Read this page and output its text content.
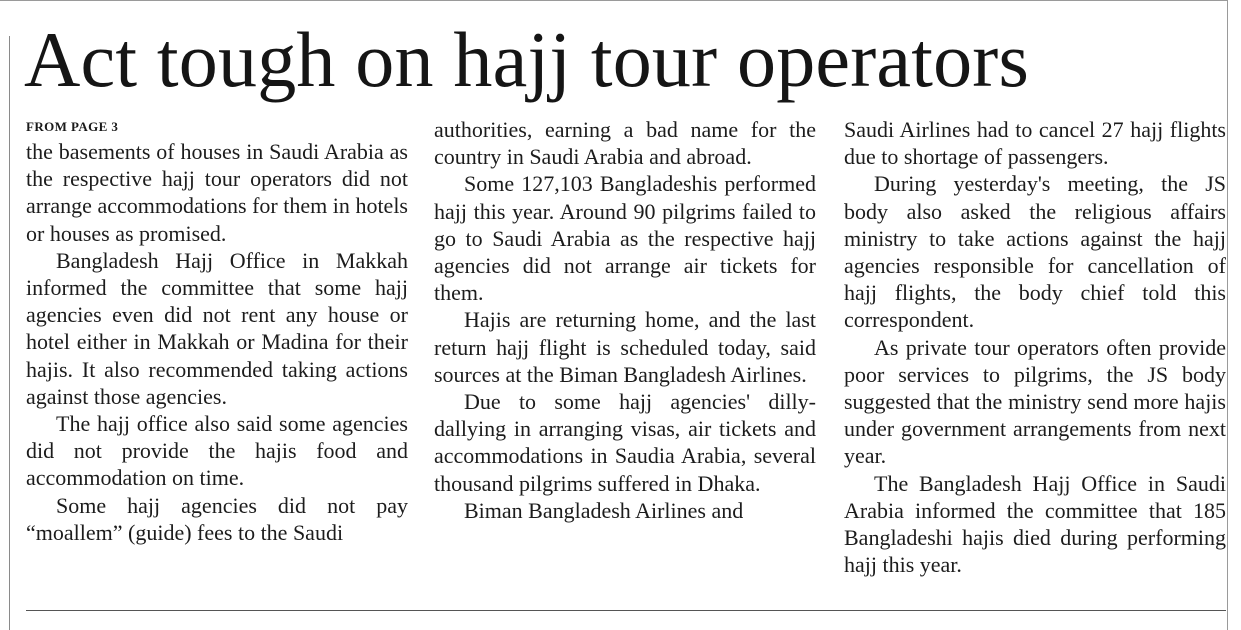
Act tough on hajj tour operators
FROM PAGE 3

the basements of houses in Saudi Arabia as the respective hajj tour operators did not arrange accommodations for them in hotels or houses as promised.

Bangladesh Hajj Office in Makkah informed the committee that some hajj agencies even did not rent any house or hotel either in Makkah or Madina for their hajis. It also recommended taking actions against those agencies.

The hajj office also said some agencies did not provide the hajis food and accommodation on time.

Some hajj agencies did not pay “moallem” (guide) fees to the Saudi

authorities, earning a bad name for the country in Saudi Arabia and abroad.

Some 127,103 Bangladeshis performed hajj this year. Around 90 pilgrims failed to go to Saudi Arabia as the respective hajj agencies did not arrange air tickets for them.

Hajis are returning home, and the last return hajj flight is scheduled today, said sources at the Biman Bangladesh Airlines.

Due to some hajj agencies' dilly-dallying in arranging visas, air tickets and accommodations in Saudia Arabia, several thousand pilgrims suffered in Dhaka.

Biman Bangladesh Airlines and

Saudi Airlines had to cancel 27 hajj flights due to shortage of passengers.

During yesterday's meeting, the JS body also asked the religious affairs ministry to take actions against the hajj agencies responsible for cancellation of hajj flights, the body chief told this correspondent.

As private tour operators often provide poor services to pilgrims, the JS body suggested that the ministry send more hajis under government arrangements from next year.

The Bangladesh Hajj Office in Saudi Arabia informed the committee that 185 Bangladeshi hajis died during performing hajj this year.
